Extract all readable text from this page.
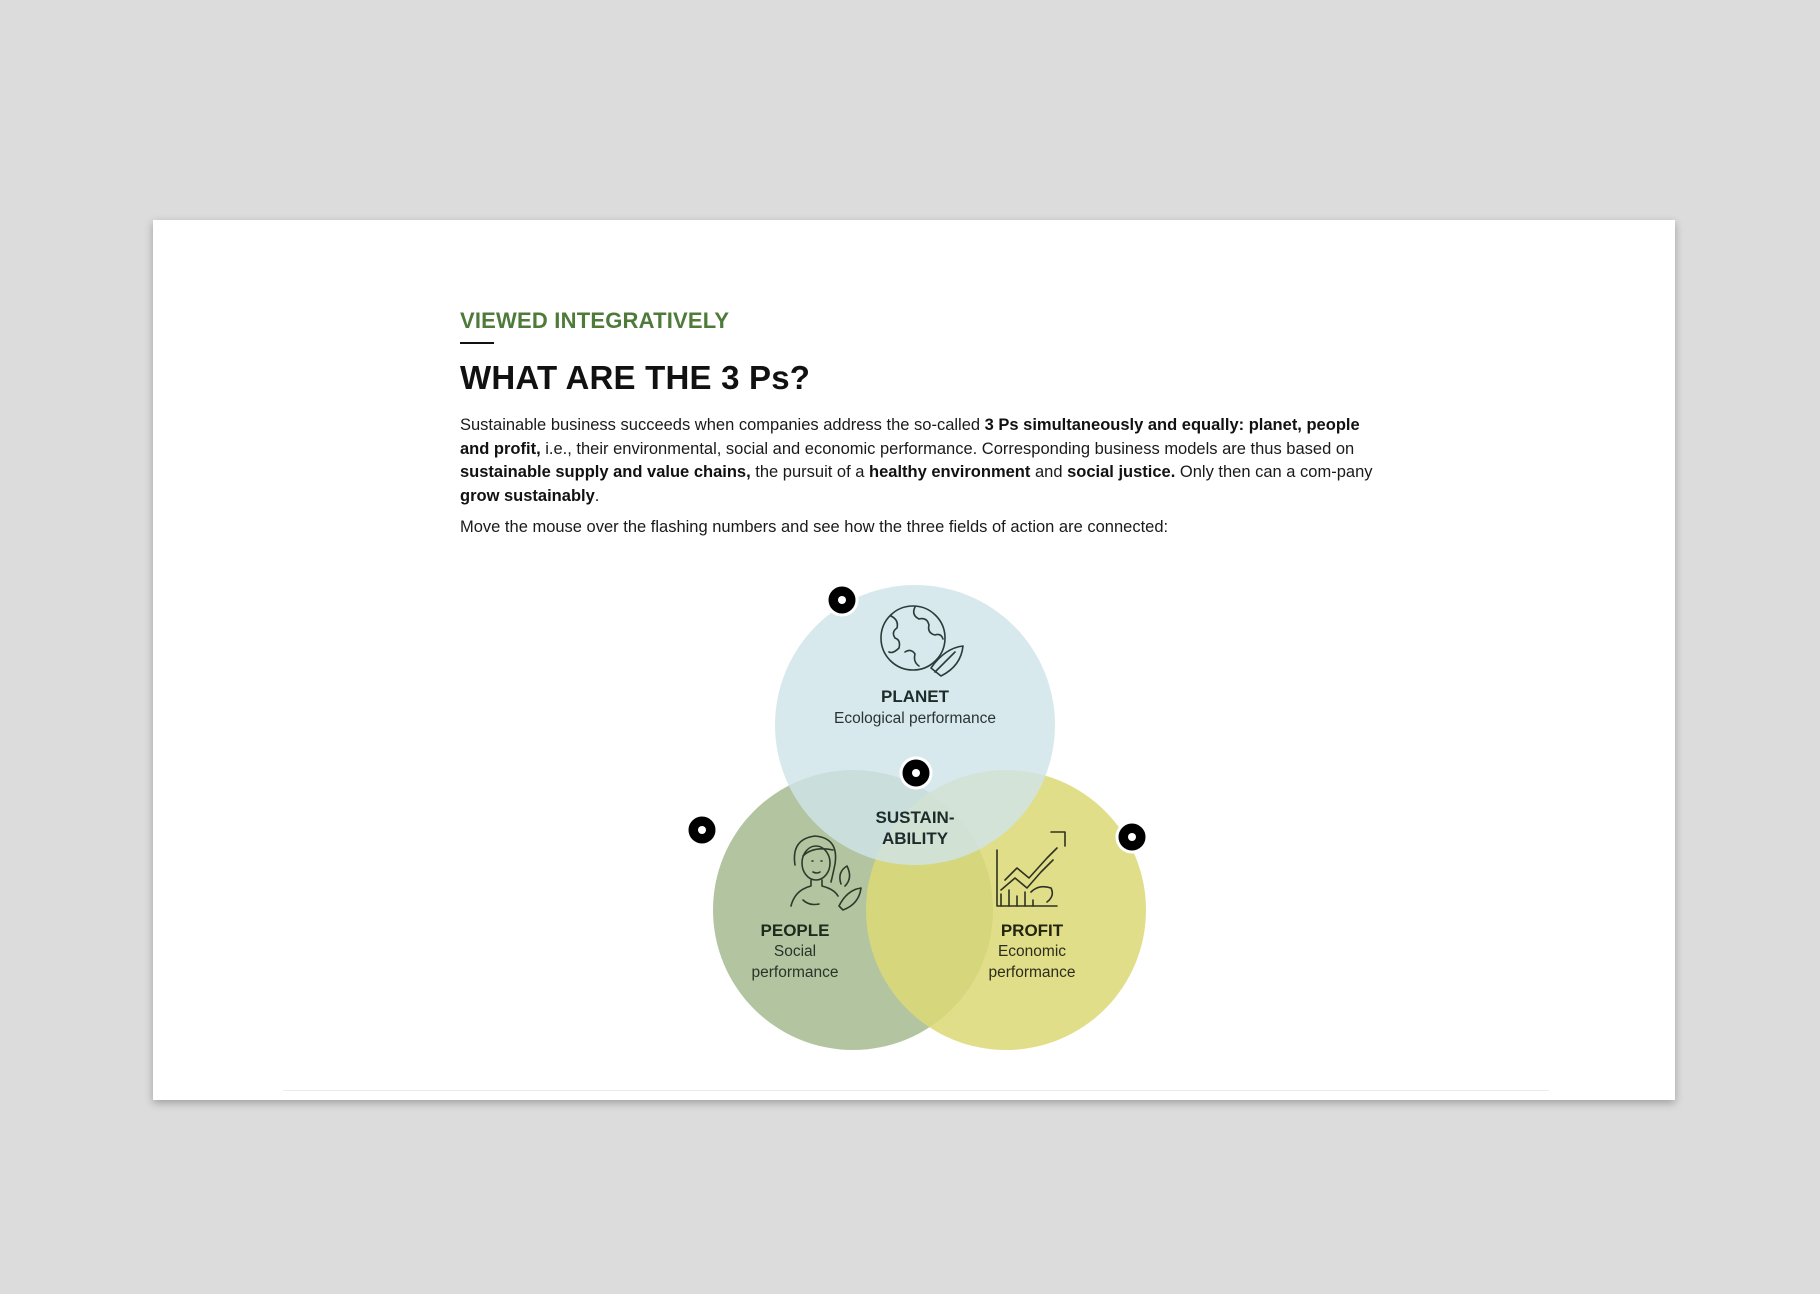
VIEWED INTEGRATIVELY

WHAT ARE THE 3 Ps?

Sustainable business succeeds when companies address the so-called 3 Ps simultaneously and equally: planet, people and profit, i.e., their environmental, social and economic performance. Corresponding business models are thus based on sustainable supply and value chains, the pursuit of a healthy environment and social justice. Only then can a com-pany grow sustainably.

Move the mouse over the flashing numbers and see how the three fields of action are connected:

PLANET
Ecological performance
PEOPLE
Social
performance
PROFIT
Economic
performance
SUSTAIN-
ABILITY
